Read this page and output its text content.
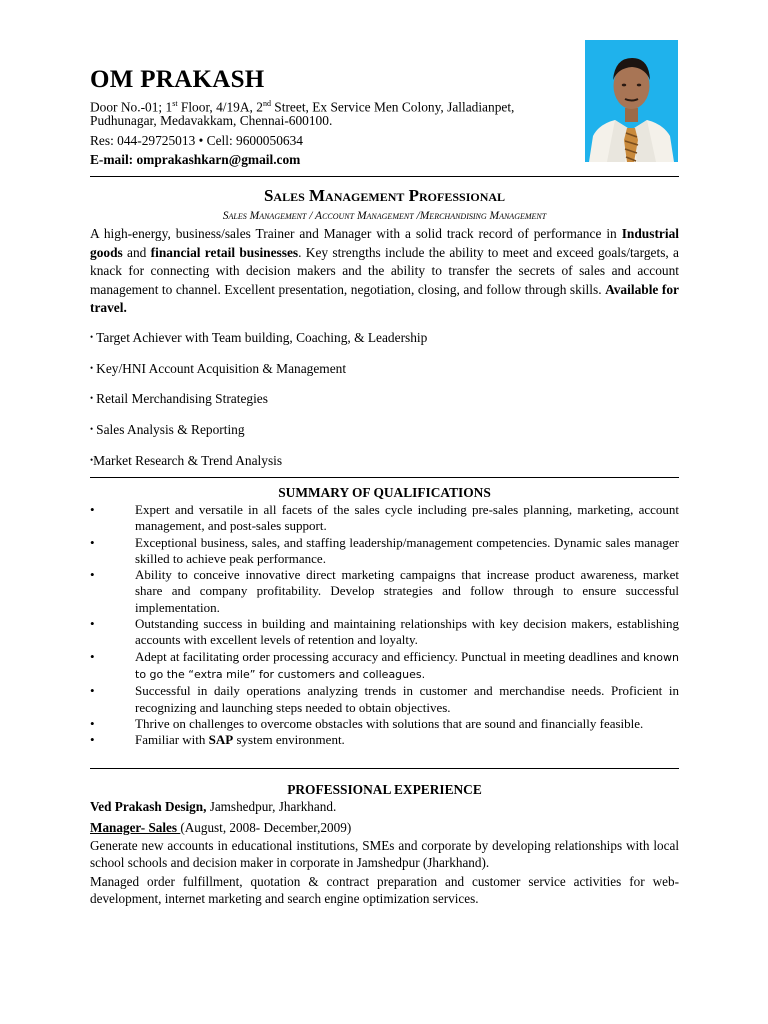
OM PRAKASH
Door No.-01; 1st Floor, 4/19A, 2nd Street, Ex Service Men Colony, Jalladianpet,
Pudhunagar, Medavakkam, Chennai-600100.
Res: 044-29725013 • Cell: 9600050634
E-mail: omprakashkarn@gmail.com
Sales Management Professional
Sales Management / Account Management /Merchandising Management
A high-energy, business/sales Trainer and Manager with a solid track record of performance in Industrial goods and financial retail businesses. Key strengths include the ability to meet and exceed goals/targets, a knack for connecting with decision makers and the ability to transfer the secrets of sales and account management to channel. Excellent presentation, negotiation, closing, and follow through skills. Available for travel.
• Target Achiever with Team building, Coaching, & Leadership
• Key/HNI Account Acquisition & Management
• Retail Merchandising Strategies
• Sales Analysis & Reporting
•Market Research & Trend Analysis
SUMMARY OF QUALIFICATIONS
•	Expert and versatile in all facets of the sales cycle including pre-sales planning, marketing, account management, and post-sales support.
•	Exceptional business, sales, and staffing leadership/management competencies. Dynamic sales manager skilled to achieve peak performance.
•	Ability to conceive innovative direct marketing campaigns that increase product awareness, market share and company profitability. Develop strategies and follow through to ensure successful implementation.
•	Outstanding success in building and maintaining relationships with key decision makers, establishing accounts with excellent levels of retention and loyalty.
•	Adept at facilitating order processing accuracy and efficiency. Punctual in meeting deadlines and known to go the “extra mile” for customers and colleagues.
•	Successful in daily operations analyzing trends in customer and merchandise needs. Proficient in recognizing and launching steps needed to obtain objectives.
•	Thrive on challenges to overcome obstacles with solutions that are sound and financially feasible.
•	Familiar with SAP system environment.
PROFESSIONAL EXPERIENCE
Ved Prakash Design, Jamshedpur, Jharkhand.
Manager- Sales (August, 2008- December,2009)
Generate new accounts in educational institutions, SMEs and corporate by developing relationships with local school schools and decision maker in corporate in Jamshedpur (Jharkhand).
Managed order fulfillment, quotation & contract preparation and customer service activities for web-development, internet marketing and search engine optimization services.
